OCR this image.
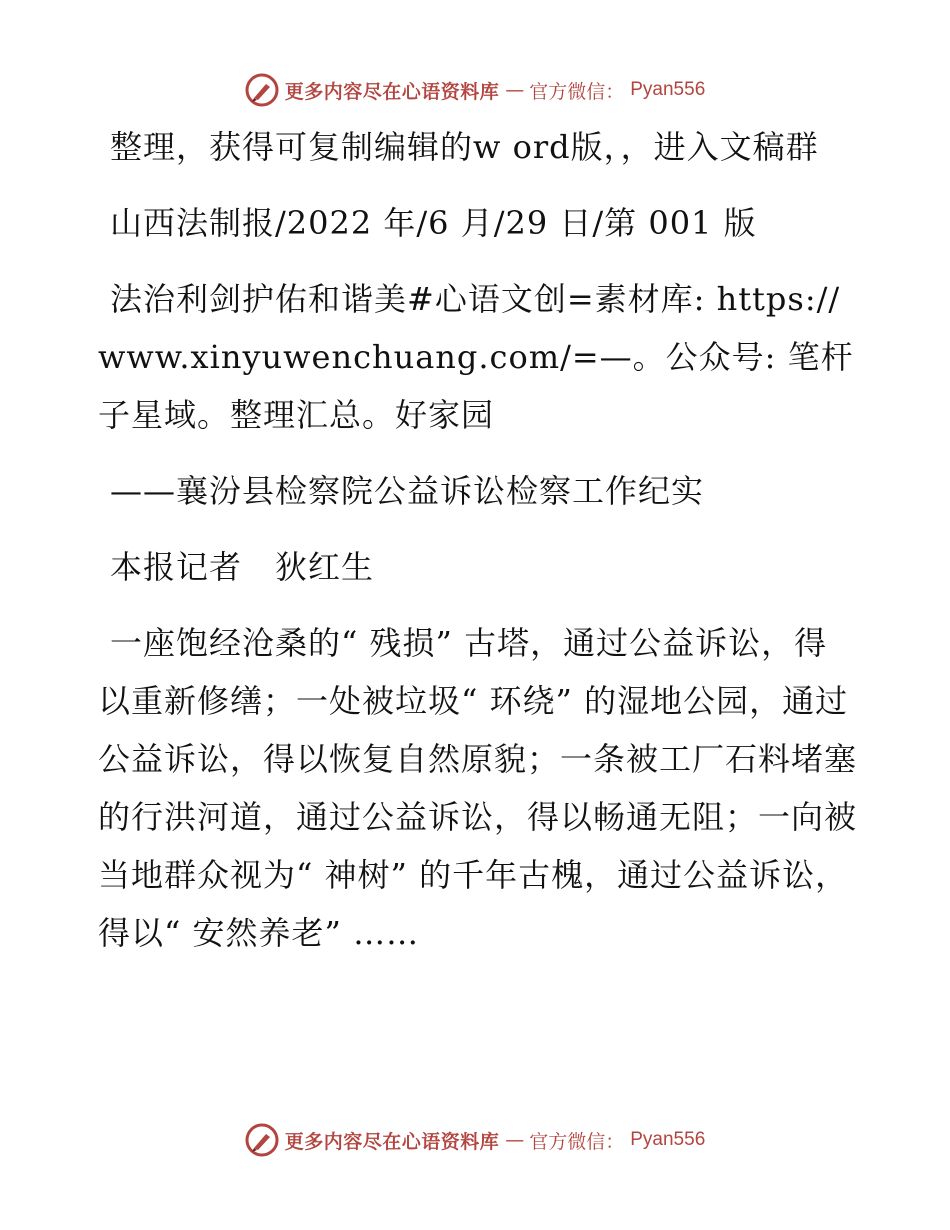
更多内容尽在心语资料库 — 官方微信： Pyan556

整理，获得可复制编辑的w ord版，，进入文稿群

山西法制报/2022 年/6 月/29 日/第 001 版

法治利剑护佑和谐美#心语文创=素材库: https://www.xinyuwenchuang.com/=—。公众号: 笔杆子星域。整理汇总。好家园

——襄汾县检察院公益诉讼检察工作纪实

本报记者　狄红生

一座饱经沧桑的“ 残损” 古塔，通过公益诉讼，得以重新修缮；一处被垃圾“ 环绕” 的湿地公园，通过公益诉讼，得以恢复自然原貌；一条被工厂石料堵塞的行洪河道，通过公益诉讼，得以畅通无阻；一向被当地群众视为“ 神树” 的千年古槐，通过公益诉讼，得以“ 安然养老” ……

更多内容尽在心语资料库 — 官方微信： Pyan556
